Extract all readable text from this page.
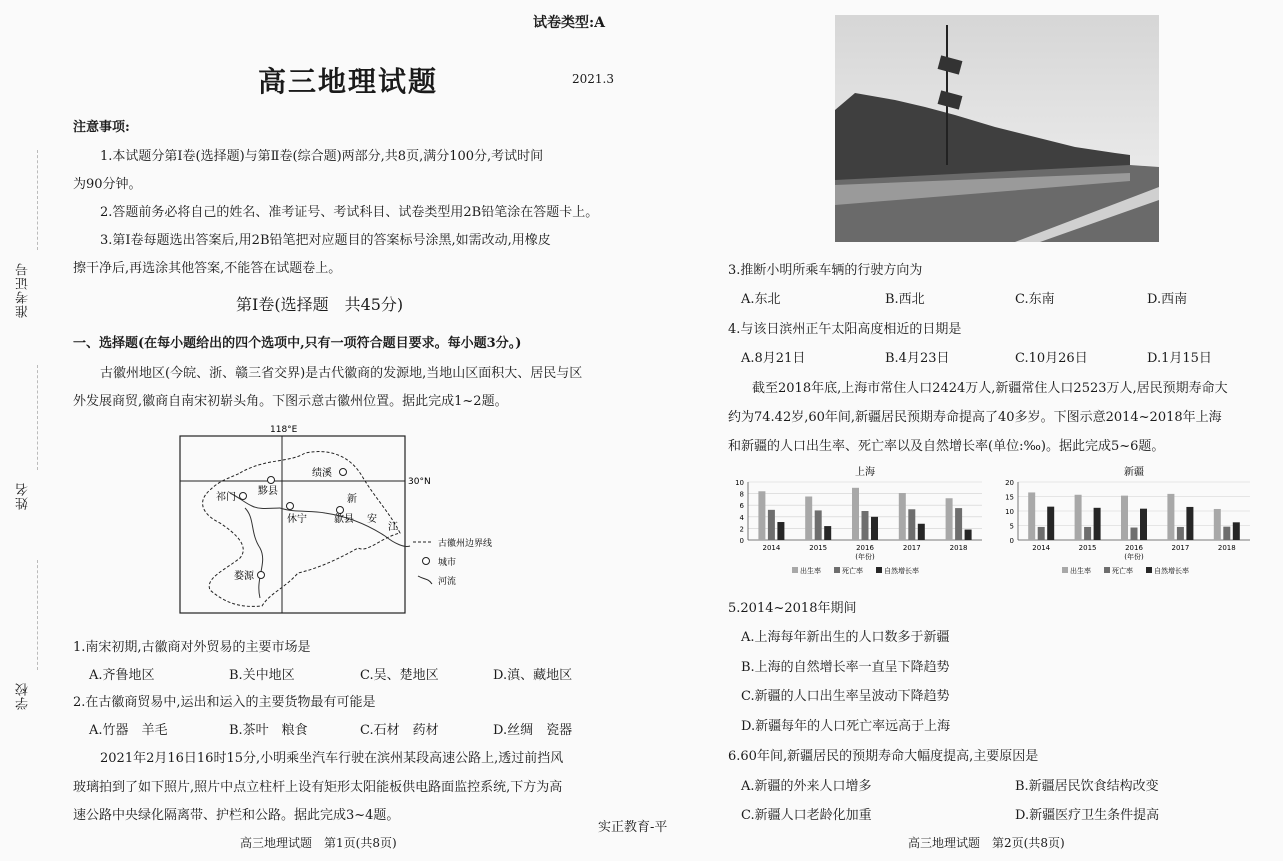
试卷类型:A
高三地理试题	2021.3
注意事项:
1.本试题分第Ⅰ卷(选择题)与第Ⅱ卷(综合题)两部分,共8页,满分100分,考试时间
为90分钟。
2.答题前务必将自己的姓名、准考证号、考试科目、试卷类型用2B铅笔涂在答题卡上。
3.第Ⅰ卷每题选出答案后,用2B铅笔把对应题目的答案标号涂黑,如需改动,用橡皮
擦干净后,再选涂其他答案,不能答在试题卷上。
第Ⅰ卷(选择题　共45分)
一、选择题(在每小题给出的四个选项中,只有一项符合题目要求。每小题3分。)
古徽州地区(今皖、浙、赣三省交界)是古代徽商的发源地,当地山区面积大、居民与区
外发展商贸,徽商自南宋初崭头角。下图示意古徽州位置。据此完成1~2题。
118°E
30°N
绩溪
黟县
祁门
休宁
新
歙县 安
江
婺源
古徽州边界线
城市
河流
1.南宋初期,古徽商对外贸易的主要市场是
A.齐鲁地区	B.关中地区	C.吴、楚地区	D.滇、藏地区
2.在古徽商贸易中,运出和运入的主要货物最有可能是
A.竹器　羊毛	B.茶叶　粮食	C.石材　药材	D.丝绸　瓷器
2021年2月16日16时15分,小明乘坐汽车行驶在滨州某段高速公路上,透过前挡风
玻璃拍到了如下照片,照片中点立柱杆上设有矩形太阳能板供电路面监控系统,下方为高
速公路中央绿化隔离带、护栏和公路。据此完成3~4题。
高三地理试题　第1页(共8页)
准考证号
姓名
学校
实正教育-平
3.推断小明所乘车辆的行驶方向为
A.东北	B.西北	C.东南	D.西南
4.与该日滨州正午太阳高度相近的日期是
A.8月21日	B.4月23日	C.10月26日	D.1月15日
截至2018年底,上海市常住人口2424万人,新疆常住人口2523万人,居民预期寿命大
约为74.42岁,60年间,新疆居民预期寿命提高了40多岁。下图示意2014~2018年上海
和新疆的人口出生率、死亡率以及自然增长率(单位:‰)。据此完成5~6题。
上海
0
2
4
6
8
10
2014	2015	2016	2017	2018
(年份)
出生率	死亡率	自然增长率
新疆
0
5
10
15
20
2014	2015	2016	2017	2018
(年份)
出生率	死亡率	自然增长率
5.2014~2018年期间
A.上海每年新出生的人口数多于新疆
B.上海的自然增长率一直呈下降趋势
C.新疆的人口出生率呈波动下降趋势
D.新疆每年的人口死亡率远高于上海
6.60年间,新疆居民的预期寿命大幅度提高,主要原因是
A.新疆的外来人口增多	B.新疆居民饮食结构改变
C.新疆人口老龄化加重	D.新疆医疗卫生条件提高
高三地理试题　第2页(共8页)
